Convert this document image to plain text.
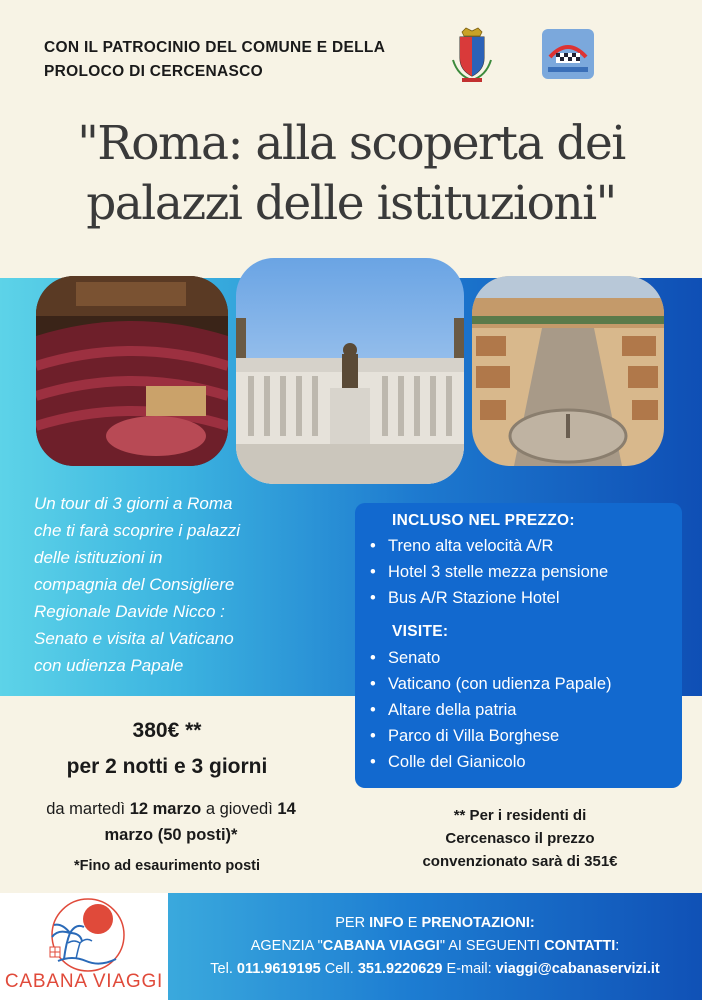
CON IL PATROCINIO DEL COMUNE E DELLA
PROLOCO DI CERCENASCO
"Roma: alla scoperta dei
palazzi delle istituzioni"
Un tour di 3 giorni a Roma
che ti farà scoprire i palazzi
delle istituzioni in
compagnia del Consigliere
Regionale Davide Nicco :
Senato e visita al Vaticano
con udienza Papale
INCLUSO NEL PREZZO:
• Treno alta velocità A/R
• Hotel 3 stelle mezza pensione
• Bus A/R Stazione Hotel
VISITE:
• Senato
• Vaticano (con udienza Papale)
• Altare della patria
• Parco di Villa Borghese
• Colle del Gianicolo
380€ **
per 2 notti e 3 giorni
da martedì 12 marzo a giovedì 14
marzo (50 posti)*
*Fino ad esaurimento posti
** Per i residenti di
Cercenasco il prezzo
convenzionato sarà di 351€
CABANA VIAGGI
PER INFO E PRENOTAZIONI:
AGENZIA "CABANA VIAGGI" AI SEGUENTI CONTATTI:
Tel. 011.9619195 Cell. 351.9220629 E-mail: viaggi@cabanaservizi.it
